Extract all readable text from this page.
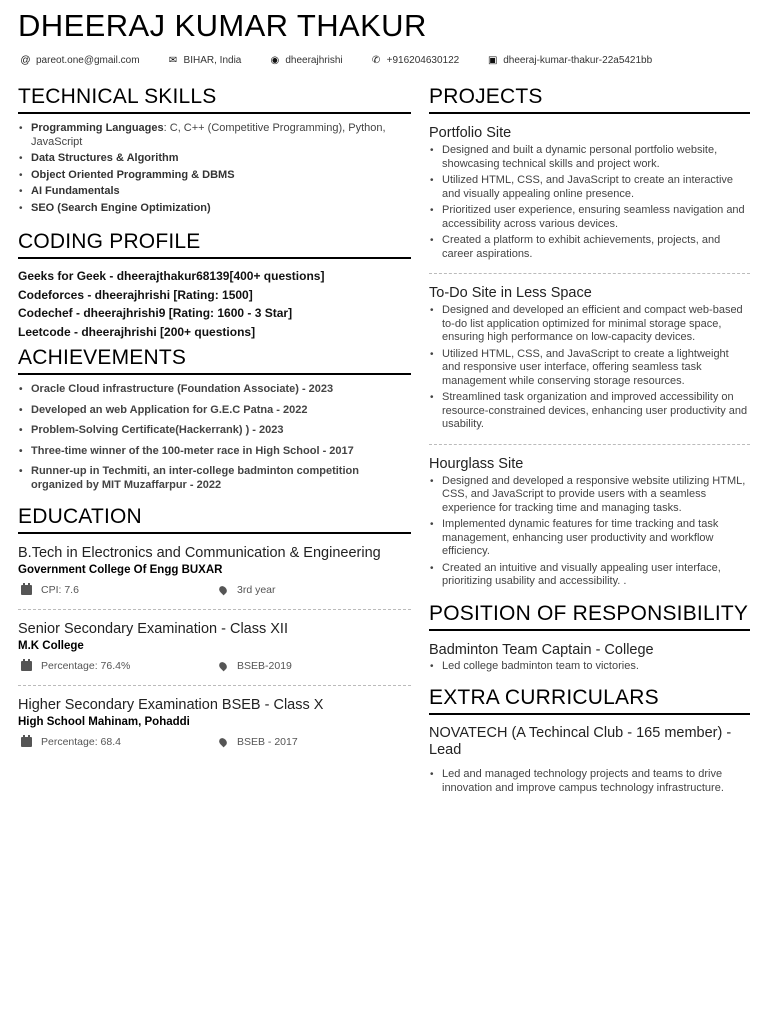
DHEERAJ KUMAR THAKUR
@ pareot.one@gmail.com	✉ BIHAR, India	◉ dheerajhrishi	✆ +916204630122	▣ dheeraj-kumar-thakur-22a5421bb
TECHNICAL SKILLS
• Programming Languages: C, C++ (Competitive Programming), Python, JavaScript
• Data Structures & Algorithm
• Object Oriented Programming & DBMS
• AI Fundamentals
• SEO (Search Engine Optimization)
CODING PROFILE
Geeks for Geek - dheerajthakur68139[400+ questions]
Codeforces - dheerajhrishi [Rating: 1500]
Codechef - dheerajhrishi9 [Rating: 1600 - 3 Star]
Leetcode - dheerajhrishi [200+ questions]
ACHIEVEMENTS
• Oracle Cloud infrastructure (Foundation Associate) - 2023
• Developed an web Application for G.E.C Patna - 2022
• Problem-Solving Certificate(Hackerrank) ) - 2023
• Three-time winner of the 100-meter race in High School - 2017
• Runner-up in Techmiti, an inter-college badminton competition organized by MIT Muzaffarpur - 2022
EDUCATION
B.Tech in Electronics and Communication & Engineering
Government College Of Engg BUXAR
CPI: 7.6	3rd year
Senior Secondary Examination - Class XII
M.K College
Percentage: 76.4%	BSEB-2019
Higher Secondary Examination BSEB - Class X
High School Mahinam, Pohaddi
Percentage: 68.4	BSEB - 2017
PROJECTS
Portfolio Site
• Designed and built a dynamic personal portfolio website, showcasing technical skills and project work.
• Utilized HTML, CSS, and JavaScript to create an interactive and visually appealing online presence.
• Prioritized user experience, ensuring seamless navigation and accessibility across various devices.
• Created a platform to exhibit achievements, projects, and career aspirations.
To-Do Site in Less Space
• Designed and developed an efficient and compact web-based to-do list application optimized for minimal storage space, ensuring high performance on low-capacity devices.
• Utilized HTML, CSS, and JavaScript to create a lightweight and responsive user interface, offering seamless task management while conserving storage resources.
• Streamlined task organization and improved accessibility on resource-constrained devices, enhancing user productivity and usability.
Hourglass Site
• Designed and developed a responsive website utilizing HTML, CSS, and JavaScript to provide users with a seamless experience for tracking time and managing tasks.
• Implemented dynamic features for time tracking and task management, enhancing user productivity and workflow efficiency.
• Created an intuitive and visually appealing user interface, prioritizing usability and accessibility. .
POSITION OF RESPONSIBILITY
Badminton Team Captain - College
• Led college badminton team to victories.
EXTRA CURRICULARS
NOVATECH (A Techincal Club - 165 member) - Lead
• Led and managed technology projects and teams to drive innovation and improve campus technology infrastructure.
